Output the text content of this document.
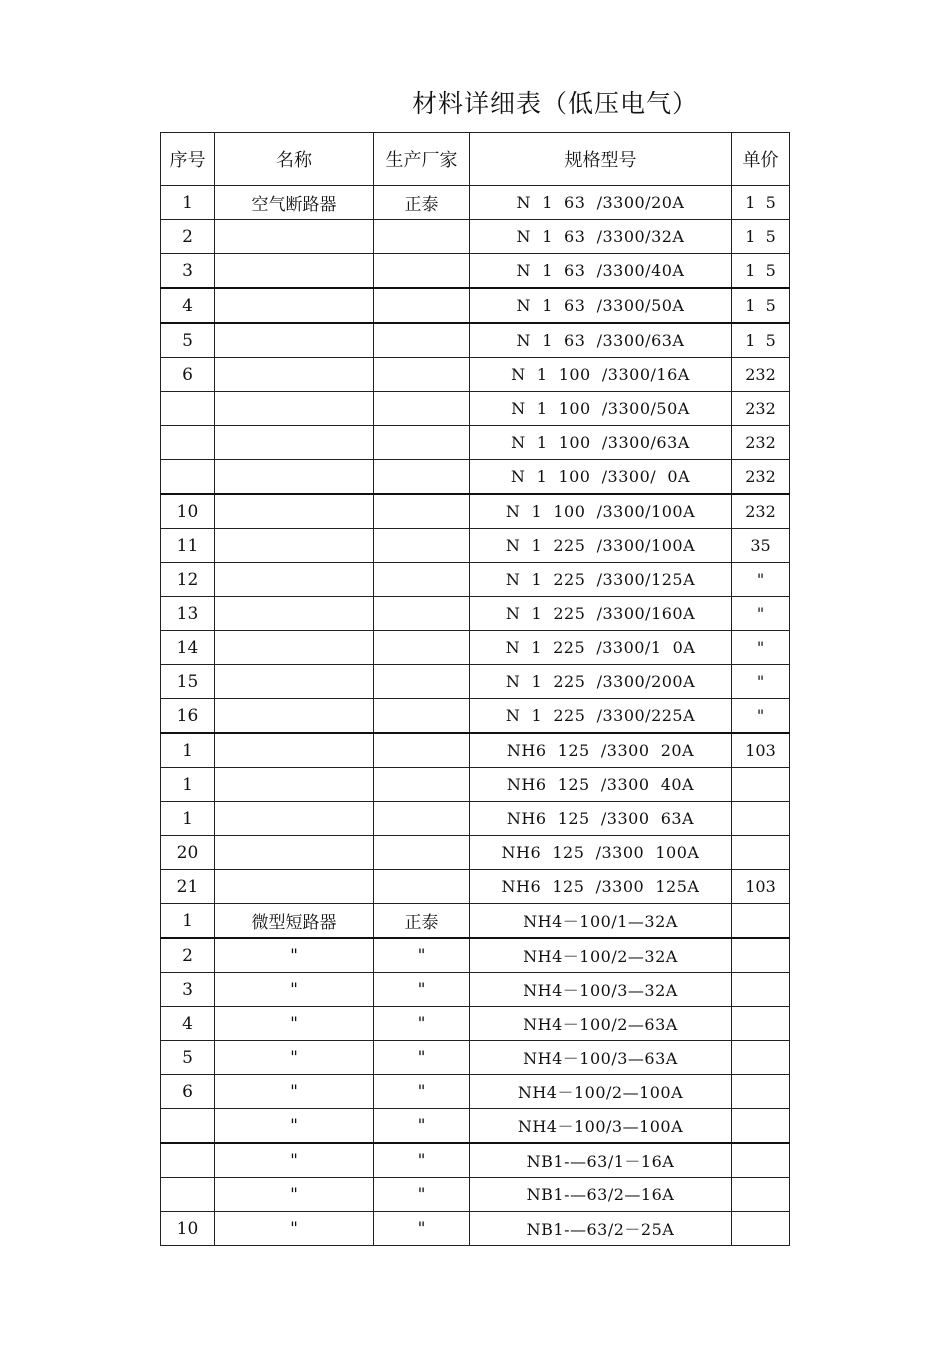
材料详细表（低压电气）
序号	名称	生产厂家	规格型号	单价
1	空气断路器	正泰	N  1  63  /3300/20A	1  5
2			N  1  63  /3300/32A	1  5
3			N  1  63  /3300/40A	1  5
4			N  1  63  /3300/50A	1  5
5			N  1  63  /3300/63A	1  5
6			N  1  100  /3300/16A	232
			N  1  100  /3300/50A	232
			N  1  100  /3300/63A	232
			N  1  100  /3300/  0A	232
10			N  1  100  /3300/100A	232
11			N  1  225  /3300/100A	35
12			N  1  225  /3300/125A	"
13			N  1  225  /3300/160A	"
14			N  1  225  /3300/1  0A	"
15			N  1  225  /3300/200A	"
16			N  1  225  /3300/225A	"
1			NH6  125  /3300  20A	103
1			NH6  125  /3300  40A	
1			NH6  125  /3300  63A	
20			NH6  125  /3300  100A	
21			NH6  125  /3300  125A	103
1	微型短路器	正泰	NH4－100/1—32A	
2	"	"	NH4－100/2—32A	
3	"	"	NH4－100/3—32A	
4	"	"	NH4－100/2—63A	
5	"	"	NH4－100/3—63A	
6	"	"	NH4－100/2—100A	
	"	"	NH4－100/3—100A	
	"	"	NB1-—63/1－16A	
	"	"	NB1-—63/2—16A	
10	"	"	NB1-—63/2－25A	
